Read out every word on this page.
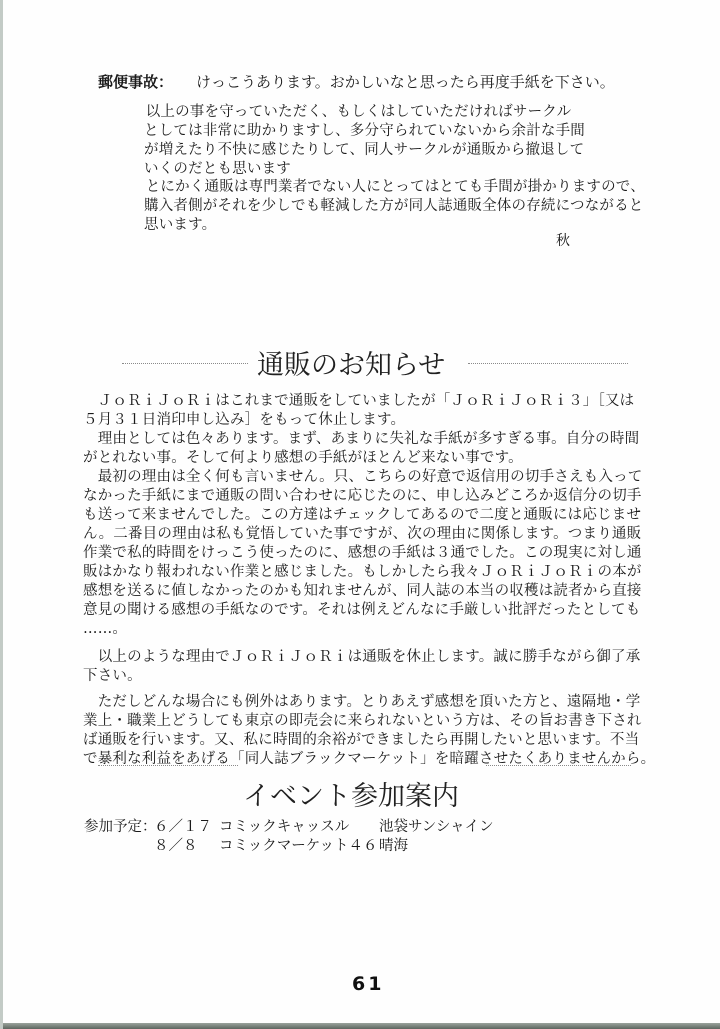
郵便事故： けっこうあります。おかしいなと思ったら再度手紙を下さい。
　以上の事を守っていただく、もしくはしていただければサークル
としては非常に助かりますし、多分守られていないから余計な手間
が増えたり不快に感じたりして、同人サークルが通販から撤退して
いくのだとも思います
　とにかく通販は専門業者でない人にとってはとても手間が掛かりますので、
購入者側がそれを少しでも軽減した方が同人誌通販全体の存続につながると
思います。
秋
通販のお知らせ
　ＪｏＲｉＪｏＲｉはこれまで通販をしていましたが「ＪｏＲｉＪｏＲｉ３」［又は
５月３１日消印申し込み］をもって休止します。
　理由としては色々あります。まず、あまりに失礼な手紙が多すぎる事。自分の時間
がとれない事。そして何より感想の手紙がほとんど来ない事です。
　最初の理由は全く何も言いません。只、こちらの好意で返信用の切手さえも入って
なかった手紙にまで通販の問い合わせに応じたのに、申し込みどころか返信分の切手
も送って来ませんでした。この方達はチェックしてあるので二度と通販には応じませ
ん。二番目の理由は私も覚悟していた事ですが、次の理由に関係します。つまり通販
作業で私的時間をけっこう使ったのに、感想の手紙は３通でした。この現実に対し通
販はかなり報われない作業と感じました。もしかしたら我々ＪｏＲｉＪｏＲｉの本が
感想を送るに値しなかったのかも知れませんが、同人誌の本当の収穫は読者から直接
意見の聞ける感想の手紙なのです。それは例えどんなに手厳しい批評だったとしても
……。
　以上のような理由でＪｏＲｉＪｏＲｉは通販を休止します。誠に勝手ながら御了承
下さい。
　ただしどんな場合にも例外はあります。とりあえず感想を頂いた方と、遠隔地・学
業上・職業上どうしても東京の即売会に来られないという方は、その旨お書き下され
ば通販を行います。又、私に時間的余裕ができましたら再開したいと思います。不当
で暴利な利益をあげる「同人誌ブラックマーケット」を暗躍させたくありませんから。
イベント参加案内
参加予定：
６／１７ コミックキャッスル 池袋サンシャイン
８／８ コミックマーケット４６ 晴海
61
